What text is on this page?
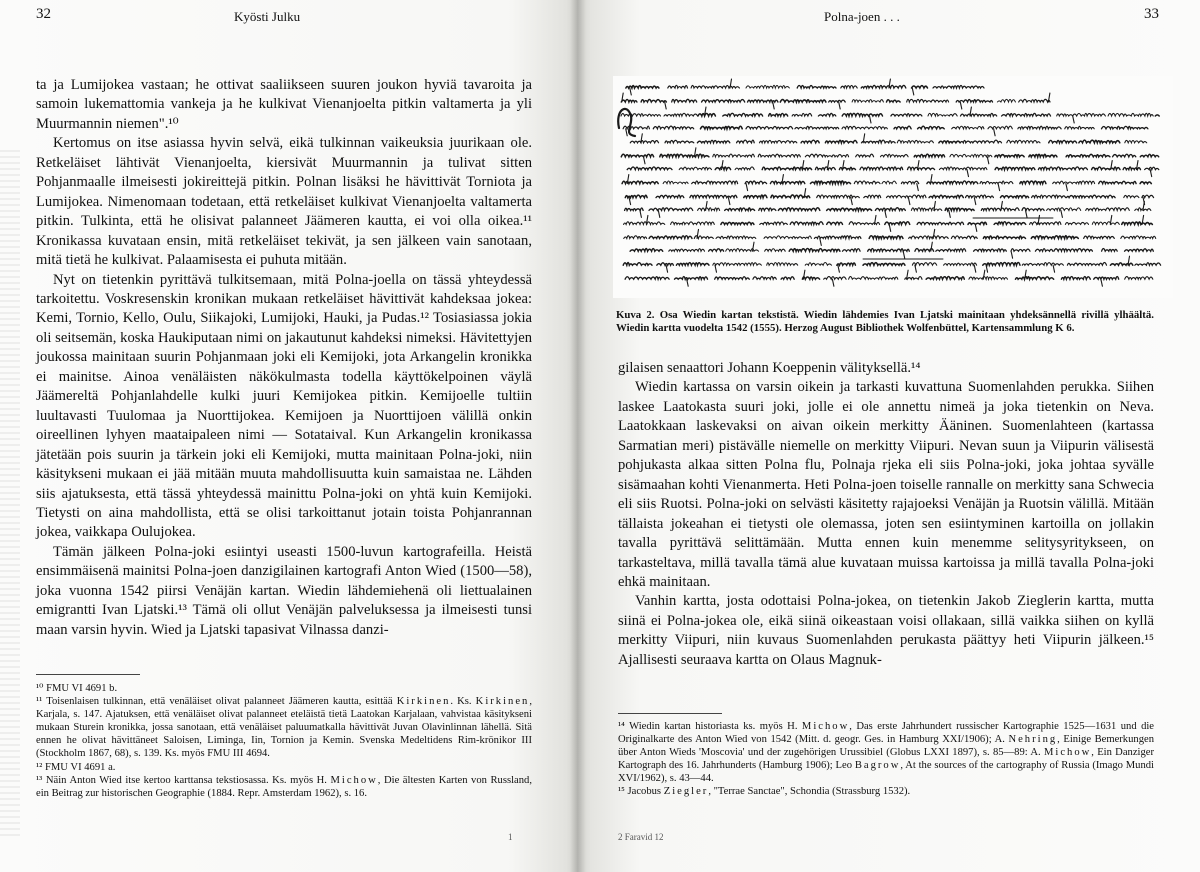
32	Kyösti Julku

ta ja Lumijokea vastaan; he ottivat saaliikseen suuren joukon hyviä tavaroita ja samoin lukemattomia vankeja ja he kulkivat Vienanjoelta pitkin valtamerta ja yli Muurmannin niemen".¹⁰

Kertomus on itse asiassa hyvin selvä, eikä tulkinnan vaikeuksia juurikaan ole. Retkeläiset lähtivät Vienanjoelta, kiersivät Muurmannin ja tulivat sitten Pohjanmaalle ilmeisesti jokireittejä pitkin. Polnan lisäksi he hävittivät Torniota ja Lumijokea. Nimenomaan todetaan, että retkeläiset kulkivat Vienanjoelta valtamerta pitkin. Tulkinta, että he olisivat palanneet Jäämeren kautta, ei voi olla oikea.¹¹ Kronikassa kuvataan ensin, mitä retkeläiset tekivät, ja sen jälkeen vain sanotaan, mitä tietä he kulkivat. Palaamisesta ei puhuta mitään.

Nyt on tietenkin pyrittävä tulkitsemaan, mitä Polna-joella on tässä yhteydessä tarkoitettu. Voskresenskin kronikan mukaan retkeläiset hävittivät kahdeksaa jokea: Kemi, Tornio, Kello, Oulu, Siikajoki, Lumijoki, Hauki, ja Pudas.¹² Tosiasiassa jokia oli seitsemän, koska Haukiputaan nimi on jakautunut kahdeksi nimeksi. Hävitettyjen joukossa mainitaan suurin Pohjanmaan joki eli Kemijoki, jota Arkangelin kronikka ei mainitse. Ainoa venäläisten näkökulmasta todella käyttökelpoinen väylä Jäämereltä Pohjanlahdelle kulki juuri Kemijokea pitkin. Kemijoelle tultiin luultavasti Tuulomaa ja Nuorttijokea. Kemijoen ja Nuorttijoen välillä onkin oireellinen lyhyen maataipaleen nimi — Sotataival. Kun Arkangelin kronikassa jätetään pois suurin ja tärkein joki eli Kemijoki, mutta mainitaan Polna-joki, niin käsitykseni mukaan ei jää mitään muuta mahdollisuutta kuin samaistaa ne. Lähden siis ajatuksesta, että tässä yhteydessä mainittu Polna-joki on yhtä kuin Kemijoki. Tietysti on aina mahdollista, että se olisi tarkoittanut jotain toista Pohjanrannan jokea, vaikkapa Oulujokea.

Tämän jälkeen Polna-joki esiintyi useasti 1500-luvun kartografeilla. Heistä ensimmäisenä mainitsi Polna-joen danzigilainen kartografi Anton Wied (1500—58), joka vuonna 1542 piirsi Venäjän kartan. Wiedin lähdemiehenä oli liettualainen emigrantti Ivan Ljatski.¹³ Tämä oli ollut Venäjän palveluksessa ja ilmeisesti tunsi maan varsin hyvin. Wied ja Ljatski tapasivat Vilnassa danzi-

¹⁰ FMU VI 4691 b.

¹¹ Toisenlaisen tulkinnan, että venäläiset olivat palanneet Jäämeren kautta, esittää Kirkinen. Ks. Kirkinen, Karjala, s. 147. Ajatuksen, että venäläiset olivat palanneet eteläistä tietä Laatokan Karjalaan, vahvistaa käsitykseni mukaan Sturein kronikka, jossa sanotaan, että venäläiset paluumatkalla hävittivät Juvan Olavinlinnan lähellä. Sitä ennen he olivat hävittäneet Saloisen, Liminga, Iin, Tornion ja Kemin. Svenska Medeltidens Rim-krönikor III (Stockholm 1867, 68), s. 139. Ks. myös FMU III 4694.

¹² FMU VI 4691 a.

¹³ Näin Anton Wied itse kertoo karttansa tekstiosassa. Ks. myös H. Michow, Die ältesten Karten von Russland, ein Beitrag zur historischen Geographie (1884. Repr. Amsterdam 1962), s. 16.

1
Polna-joen . . .	33
Kuva 2. Osa Wiedin kartan tekstistä. Wiedin lähdemies Ivan Ljatski mainitaan yhdeksännellä rivillä ylhäältä. Wiedin kartta vuodelta 1542 (1555). Herzog August Bibliothek Wolfenbüttel, Kartensammlung K 6.

gilaisen senaattori Johann Koeppenin välityksellä.¹⁴

Wiedin kartassa on varsin oikein ja tarkasti kuvattuna Suomenlahden perukka. Siihen laskee Laatokasta suuri joki, jolle ei ole annettu nimeä ja joka tietenkin on Neva. Laatokkaan laskevaksi on aivan oikein merkitty Ääninen. Suomenlahteen (kartassa Sarmatian meri) pistävälle niemelle on merkitty Viipuri. Nevan suun ja Viipurin välisestä pohjukasta alkaa sitten Polna flu, Polnaja rjeka eli siis Polna-joki, joka johtaa syvälle sisämaahan kohti Vienanmerta. Heti Polna-joen toiselle rannalle on merkitty sana Schwecia eli siis Ruotsi. Polna-joki on selvästi käsitetty rajajoeksi Venäjän ja Ruotsin välillä. Mitään tällaista jokeahan ei tietysti ole olemassa, joten sen esiintyminen kartoilla on jollakin tavalla pyrittävä selittämään. Mutta ennen kuin menemme selitysyritykseen, on tarkasteltava, millä tavalla tämä alue kuvataan muissa kartoissa ja millä tavalla Polna-joki ehkä mainitaan.

Vanhin kartta, josta odottaisi Polna-jokea, on tietenkin Jakob Zieglerin kartta, mutta siinä ei Polna-jokea ole, eikä siinä oikeastaan voisi ollakaan, sillä vaikka siihen on kyllä merkitty Viipuri, niin kuvaus Suomenlahden perukasta päättyy heti Viipurin jälkeen.¹⁵ Ajallisesti seuraava kartta on Olaus Magnuk-

¹⁴ Wiedin kartan historiasta ks. myös H. Michow, Das erste Jahrhundert russischer Kartographie 1525—1631 und die Originalkarte des Anton Wied von 1542 (Mitt. d. geogr. Ges. in Hamburg XXI/1906); A. Nehring, Einige Bemerkungen über Anton Wieds 'Moscovia' und der zugehörigen Urussibiel (Globus LXXI 1897), s. 85—89: A. Michow, Ein Danziger Kartograph des 16. Jahrhunderts (Hamburg 1906); Leo Bagrow, At the sources of the cartography of Russia (Imago Mundi XVI/1962), s. 43—44.

¹⁵ Jacobus Ziegler, "Terrae Sanctae", Schondia (Strassburg 1532).

2 Faravid 12
